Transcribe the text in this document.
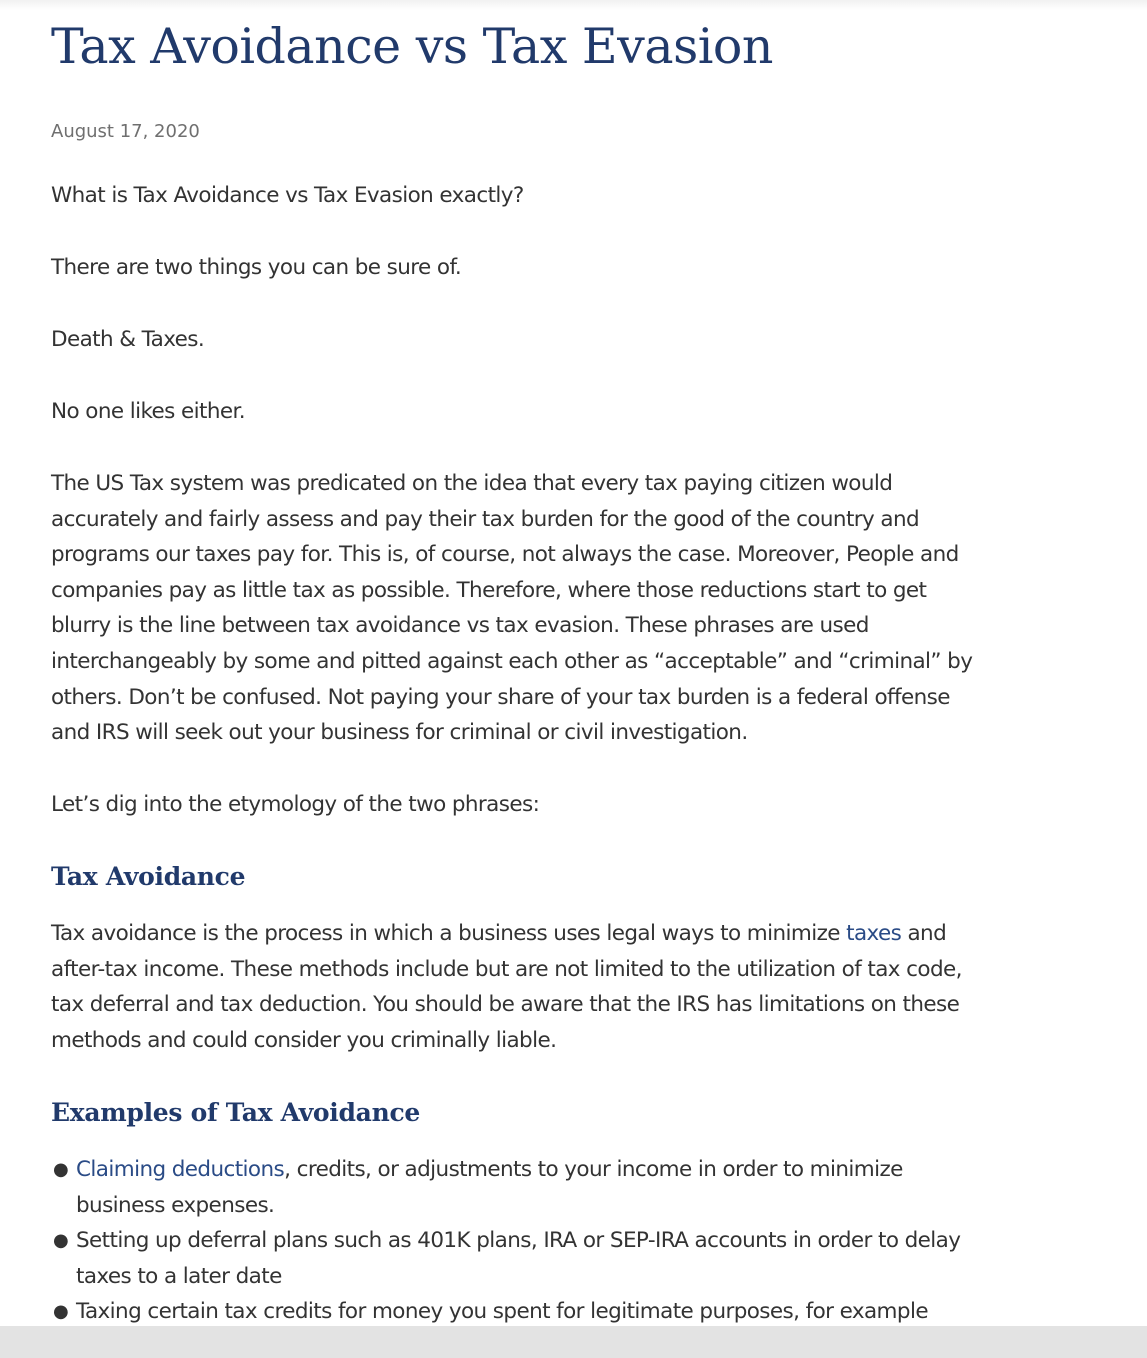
Tax Avoidance vs Tax Evasion
August 17, 2020

What is Tax Avoidance vs Tax Evasion exactly?

There are two things you can be sure of.

Death & Taxes.

No one likes either.

The US Tax system was predicated on the idea that every tax paying citizen would
accurately and fairly assess and pay their tax burden for the good of the country and
programs our taxes pay for. This is, of course, not always the case. Moreover, People and
companies pay as little tax as possible. Therefore, where those reductions start to get
blurry is the line between tax avoidance vs tax evasion. These phrases are used
interchangeably by some and pitted against each other as “acceptable” and “criminal” by
others. Don’t be confused. Not paying your share of your tax burden is a federal offense
and IRS will seek out your business for criminal or civil investigation.

Let’s dig into the etymology of the two phrases:

Tax Avoidance

Tax avoidance is the process in which a business uses legal ways to minimize taxes and
after-tax income. These methods include but are not limited to the utilization of tax code,
tax deferral and tax deduction. You should be aware that the IRS has limitations on these
methods and could consider you criminally liable.

Examples of Tax Avoidance
● Claiming deductions, credits, or adjustments to your income in order to minimize
business expenses.
● Setting up deferral plans such as 401K plans, IRA or SEP-IRA accounts in order to delay
taxes to a later date
● Taxing certain tax credits for money you spent for legitimate purposes, for example
